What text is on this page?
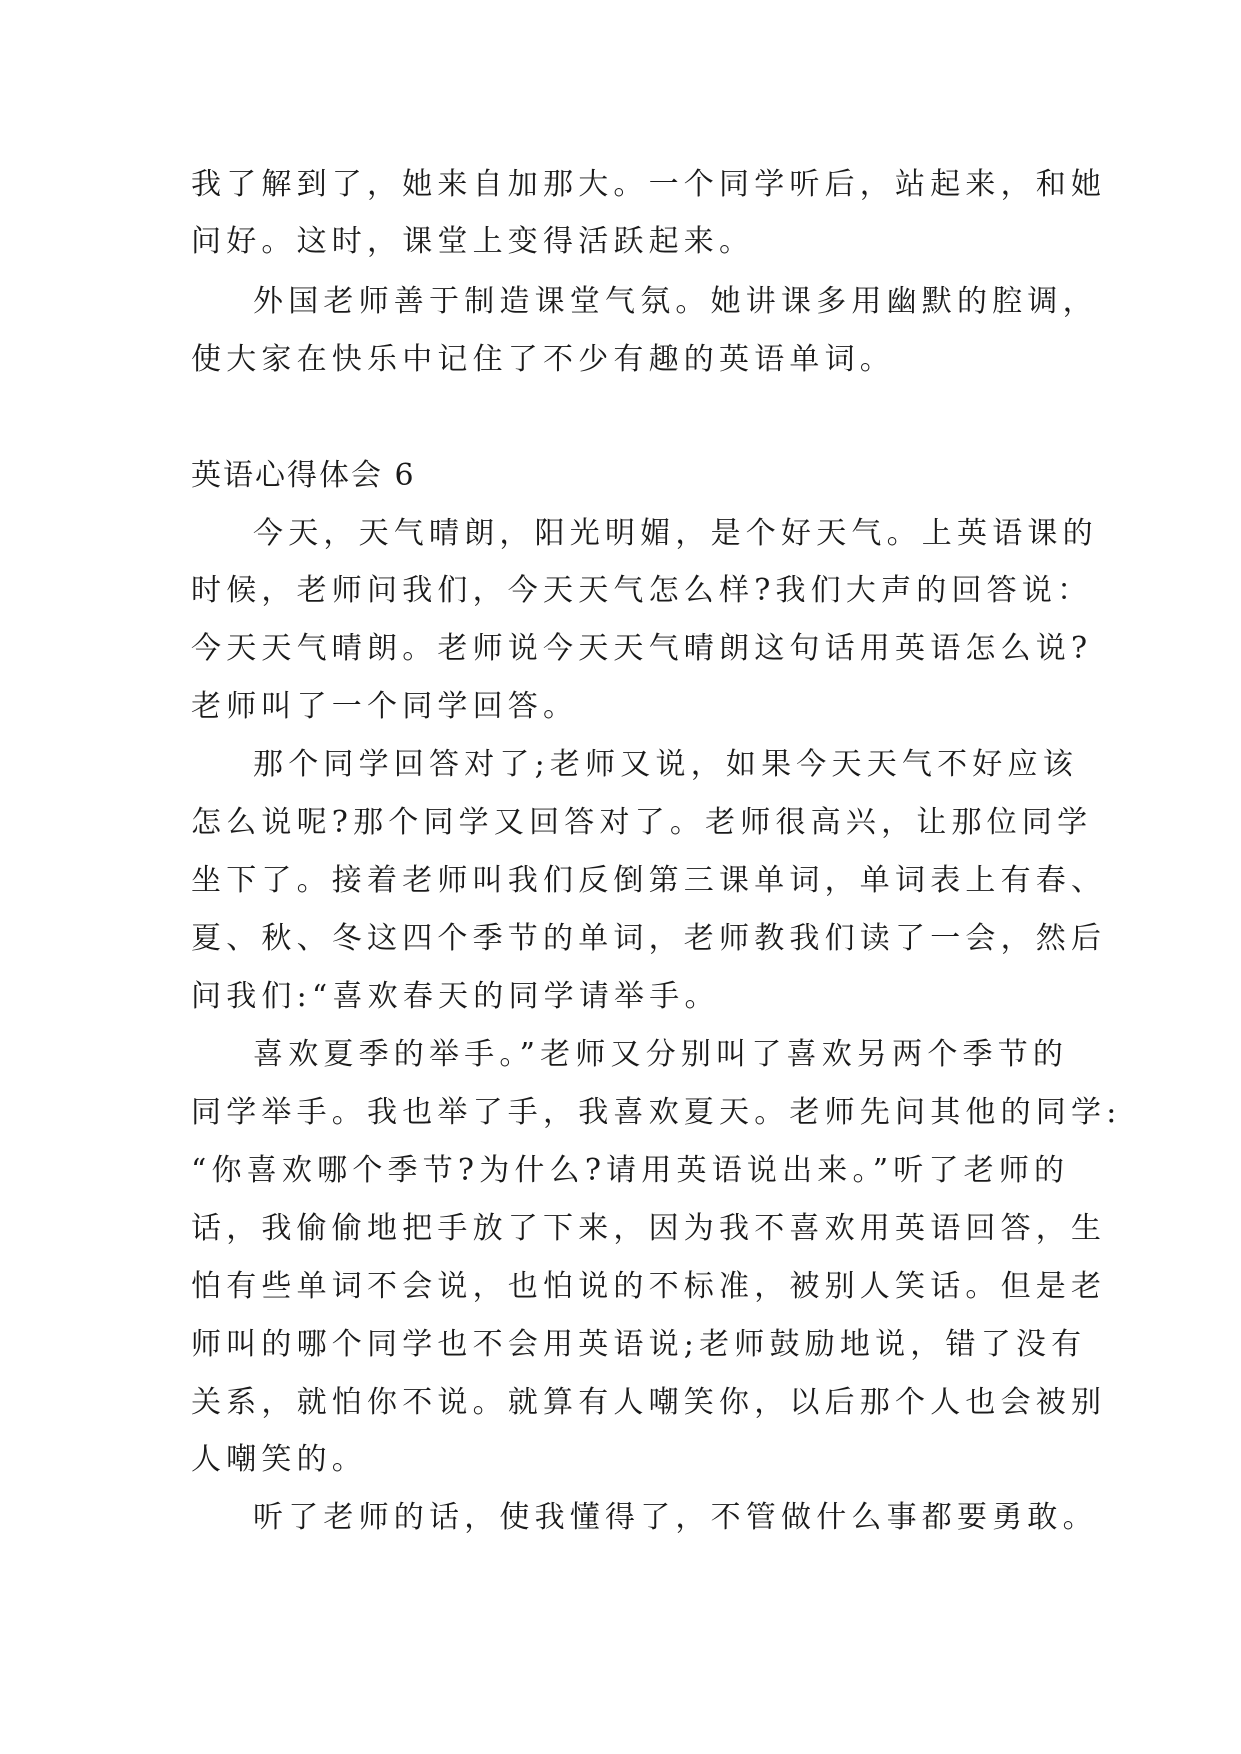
我了解到了，她来自加那大。一个同学听后，站起来，和她
问好。这时，课堂上变得活跃起来。
外国老师善于制造课堂气氛。她讲课多用幽默的腔调，
使大家在快乐中记住了不少有趣的英语单词。
英语心得体会 6
今天，天气晴朗，阳光明媚，是个好天气。上英语课的
时候，老师问我们，今天天气怎么样?我们大声的回答说：
今天天气晴朗。老师说今天天气晴朗这句话用英语怎么说?
老师叫了一个同学回答。
那个同学回答对了;老师又说，如果今天天气不好应该
怎么说呢?那个同学又回答对了。老师很高兴，让那位同学
坐下了。接着老师叫我们反倒第三课单词，单词表上有春、
夏、秋、冬这四个季节的单词，老师教我们读了一会，然后
问我们:“喜欢春天的同学请举手。
喜欢夏季的举手。”老师又分别叫了喜欢另两个季节的
同学举手。我也举了手，我喜欢夏天。老师先问其他的同学:
“你喜欢哪个季节?为什么?请用英语说出来。”听了老师的
话，我偷偷地把手放了下来，因为我不喜欢用英语回答，生
怕有些单词不会说，也怕说的不标准，被别人笑话。但是老
师叫的哪个同学也不会用英语说;老师鼓励地说，错了没有
关系，就怕你不说。就算有人嘲笑你，以后那个人也会被别
人嘲笑的。
听了老师的话，使我懂得了，不管做什么事都要勇敢。
